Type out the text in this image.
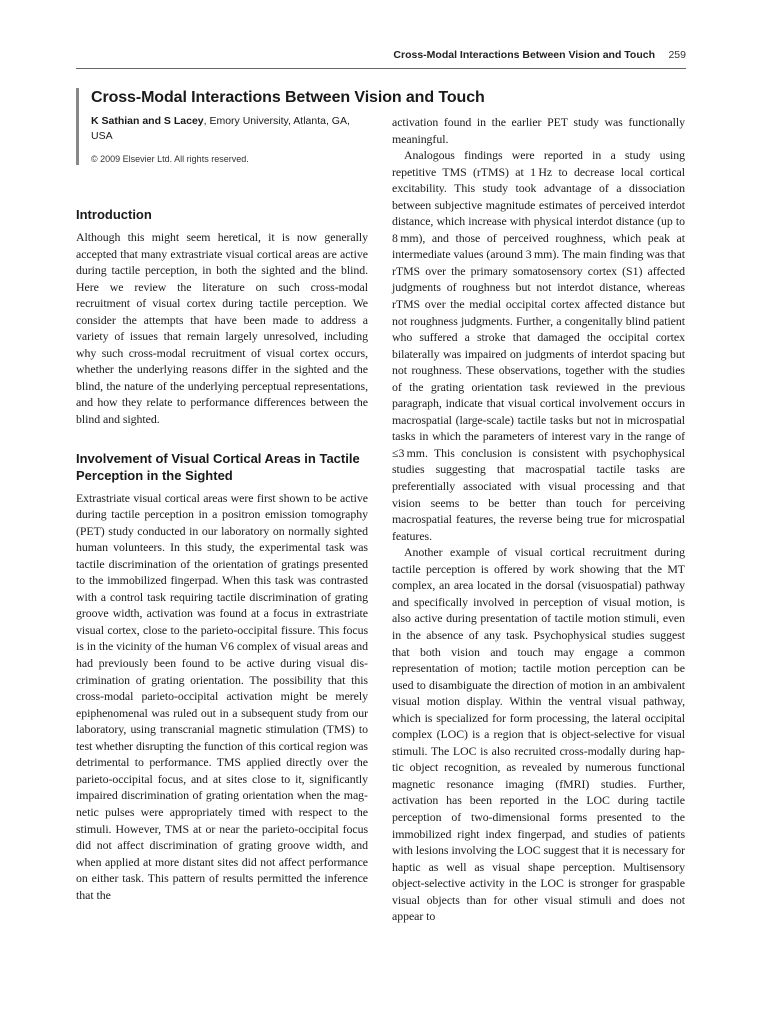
Cross-Modal Interactions Between Vision and Touch	259
Cross-Modal Interactions Between Vision and Touch

K Sathian and S Lacey, Emory University, Atlanta, GA, USA

© 2009 Elsevier Ltd. All rights reserved.

Introduction

Although this might seem heretical, it is now generally accepted that many extrastriate visual cortical areas are active during tactile perception, in both the sighted and the blind. Here we review the literature on such cross-modal recruitment of visual cortex during tactile perception. We consider the attempts that have been made to address a variety of issues that remain largely unresolved, including why such cross-modal recruitment of visual cortex occurs, whether the underlying reasons differ in the sighted and the blind, the nature of the underlying perceptual representations, and how they relate to performance differences between the blind and sighted.

Involvement of Visual Cortical Areas in Tactile Perception in the Sighted

Extrastriate visual cortical areas were first shown to be active during tactile perception in a positron emission tomography (PET) study conducted in our laboratory on normally sighted human volunteers. In this study, the experimental task was tactile discrimination of the orientation of gratings presented to the immobilized fingerpad. When this task was contrasted with a control task requiring tactile discrimination of grating groove width, activation was found at a focus in extrastriate visual cortex, close to the parieto-occipital fissure. This focus is in the vicinity of the human V6 complex of visual areas and had previously been found to be active during visual discrimination of grating orientation. The possibility that this cross-modal parieto-occipital activation might be merely epiphenomenal was ruled out in a subsequent study from our laboratory, using transcranial magnetic stimulation (TMS) to test whether disrupting the function of this cortical region was detrimental to performance. TMS applied directly over the parieto-occipital focus, and at sites close to it, significantly impaired discrimination of grating orientation when the magnetic pulses were appropriately timed with respect to the stimuli. However, TMS at or near the parieto-occipital focus did not affect discrimination of grating groove width, and when applied at more distant sites did not affect performance on either task. This pattern of results permitted the inference that the

activation found in the earlier PET study was functionally meaningful.

Analogous findings were reported in a study using repetitive TMS (rTMS) at 1 Hz to decrease local cortical excitability. This study took advantage of a dissociation between subjective magnitude estimates of perceived interdot distance, which increase with physical interdot distance (up to 8 mm), and those of perceived roughness, which peak at intermediate values (around 3 mm). The main finding was that rTMS over the primary somatosensory cortex (S1) affected judgments of roughness but not interdot distance, whereas rTMS over the medial occipital cortex affected distance but not roughness judgments. Further, a congenitally blind patient who suffered a stroke that damaged the occipital cortex bilaterally was impaired on judgments of interdot spacing but not roughness. These observations, together with the studies of the grating orientation task reviewed in the previous paragraph, indicate that visual cortical involvement occurs in macrospatial (large-scale) tactile tasks but not in microspatial tasks in which the parameters of interest vary in the range of ≤3 mm. This conclusion is consistent with psychophysical studies suggesting that macrospatial tactile tasks are preferentially associated with visual processing and that vision seems to be better than touch for perceiving macrospatial features, the reverse being true for microspatial features.

Another example of visual cortical recruitment during tactile perception is offered by work showing that the MT complex, an area located in the dorsal (visuospatial) pathway and specifically involved in perception of visual motion, is also active during presentation of tactile motion stimuli, even in the absence of any task. Psychophysical studies suggest that both vision and touch may engage a common representation of motion; tactile motion perception can be used to disambiguate the direction of motion in an ambivalent visual motion display. Within the ventral visual pathway, which is specialized for form processing, the lateral occipital complex (LOC) is a region that is object-selective for visual stimuli. The LOC is also recruited cross-modally during haptic object recognition, as revealed by numerous functional magnetic resonance imaging (fMRI) studies. Further, activation has been reported in the LOC during tactile perception of two-dimensional forms presented to the immobilized right index fingerpad, and studies of patients with lesions involving the LOC suggest that it is necessary for haptic as well as visual shape perception. Multisensory object-selective activity in the LOC is stronger for graspable visual objects than for other visual stimuli and does not appear to
